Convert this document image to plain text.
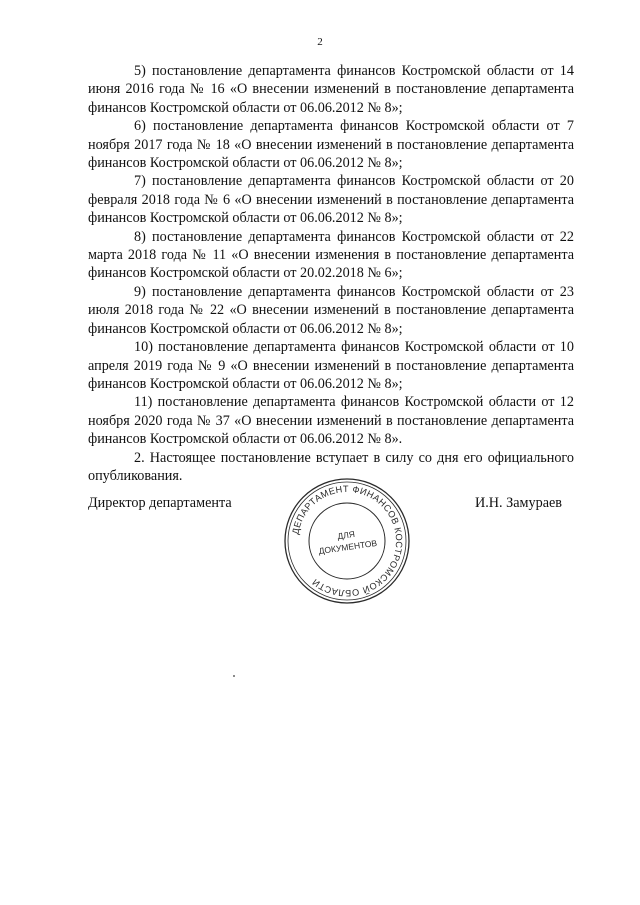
2

5) постановление департамента финансов Костромской области от 14 июня 2016 года № 16 «О внесении изменений в постановление департамента финансов Костромской области от 06.06.2012 № 8»;

6) постановление департамента финансов Костромской области от 7 ноября 2017 года № 18 «О внесении изменений в постановление департамента финансов Костромской области от 06.06.2012 № 8»;

7) постановление департамента финансов Костромской области от 20 февраля 2018 года № 6 «О внесении изменений в постановление департамента финансов Костромской области от 06.06.2012 № 8»;

8) постановление департамента финансов Костромской области от 22 марта 2018 года № 11 «О внесении изменения в постановление департамента финансов Костромской области от 20.02.2018 № 6»;

9) постановление департамента финансов Костромской области от 23 июля 2018 года № 22 «О внесении изменений в постановление департамента финансов Костромской области от 06.06.2012 № 8»;

10) постановление департамента финансов Костромской области от 10 апреля 2019 года № 9 «О внесении изменений в постановление департамента финансов Костромской области от 06.06.2012 № 8»;

11) постановление департамента финансов Костромской области от 12 ноября 2020 года № 37 «О внесении изменений в постановление департамента финансов Костромской области от 06.06.2012 № 8».

2. Настоящее постановление вступает в силу со дня его официального опубликования.

Директор департамента
ДЕПАРТАМЕНТ ФИНАНСОВ КОСТРОМСКОЙ ОБЛАСТИ
ДЛЯ
ДОКУМЕНТОВ
И.Н. Замураев
